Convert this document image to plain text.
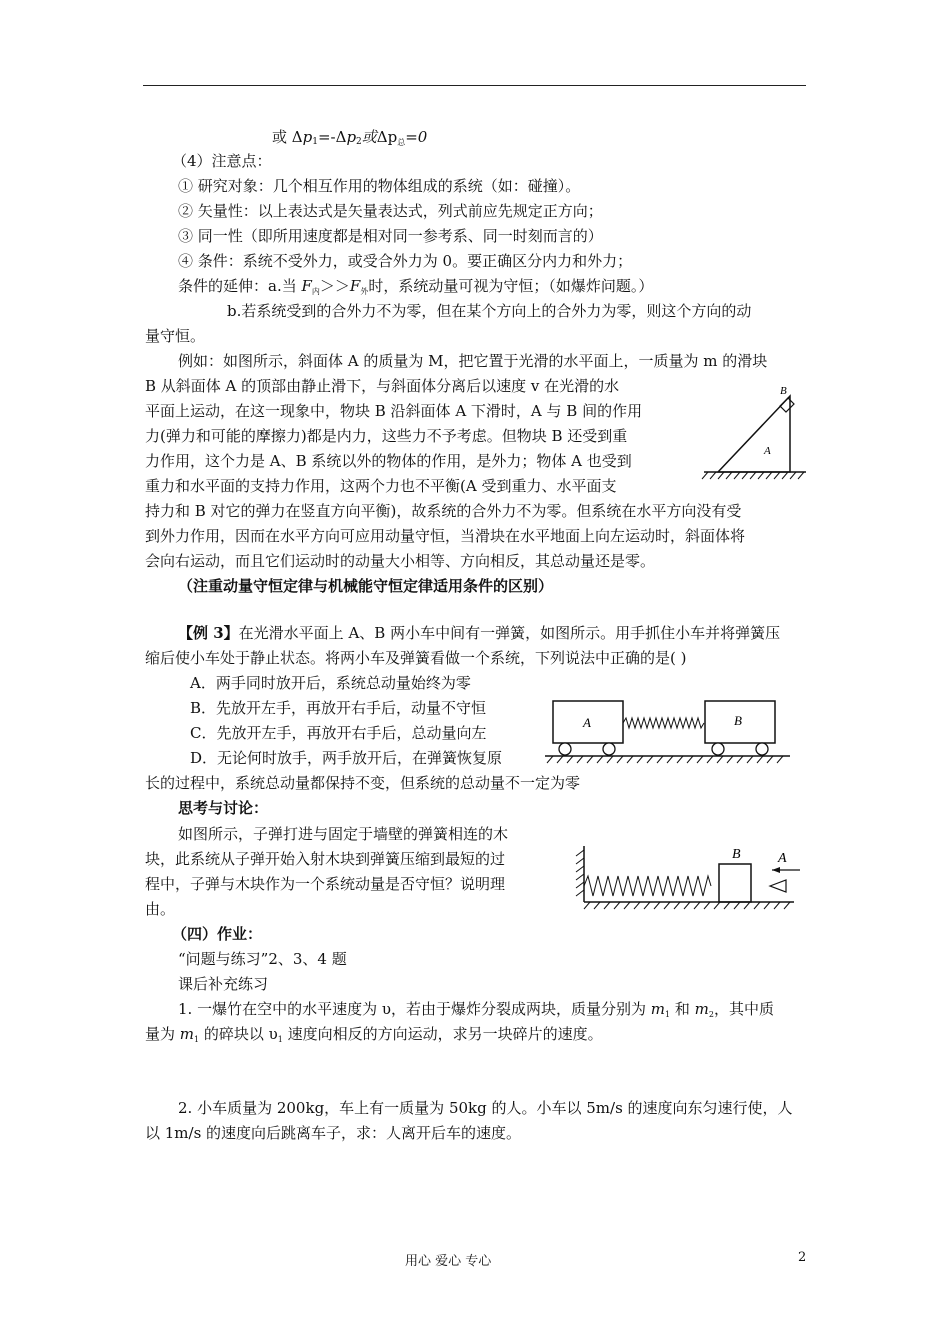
或 $\Delta p_1=-\Delta p_2$或$\Delta p_总=0$
（4）注意点：
① 研究对象：几个相互作用的物体组成的系统（如：碰撞）。
② 矢量性：以上表达式是矢量表达式，列式前应先规定正方向；
③ 同一性（即所用速度都是相对同一参考系、同一时刻而言的）
④ 条件：系统不受外力，或受合外力为 0。要正确区分内力和外力；
条件的延伸：a.当 $F_内>>F_外$时，系统动量可视为守恒；（如爆炸问题。）
b.若系统受到的合外力不为零，但在某个方向上的合外力为零，则这个方向的动
量守恒。
例如：如图所示，斜面体 A 的质量为 M，把它置于光滑的水平面上，一质量为 m 的滑块
B 从斜面体 A 的顶部由静止滑下，与斜面体分离后以速度 v 在光滑的水
平面上运动，在这一现象中，物块 B 沿斜面体 A 下滑时，A 与 B 间的作用
力(弹力和可能的摩擦力)都是内力，这些力不予考虑。但物块 B 还受到重
力作用，这个力是 A、B 系统以外的物体的作用，是外力；物体 A 也受到
重力和水平面的支持力作用，这两个力也不平衡(A 受到重力、水平面支
持力和 B 对它的弹力在竖直方向平衡)，故系统的合外力不为零。但系统在水平方向没有受
到外力作用，因而在水平方向可应用动量守恒，当滑块在水平地面上向左运动时，斜面体将
会向右运动，而且它们运动时的动量大小相等、方向相反，其总动量还是零。
B
A
（注重动量守恒定律与机械能守恒定律适用条件的区别）
【例 3】在光滑水平面上 A、B 两小车中间有一弹簧，如图所示。用手抓住小车并将弹簧压
缩后使小车处于静止状态。将两小车及弹簧看做一个系统，下列说法中正确的是( )
A．两手同时放开后，系统总动量始终为零
B．先放开左手，再放开右手后，动量不守恒
C．先放开左手，再放开右手后，总动量向左
D．无论何时放手，两手放开后，在弹簧恢复原
长的过程中，系统总动量都保持不变，但系统的总动量不一定为零
A	B
思考与讨论：
如图所示，子弹打进与固定于墙壁的弹簧相连的木
块，此系统从子弹开始入射木块到弹簧压缩到最短的过
程中，子弹与木块作为一个系统动量是否守恒？说明理
由。
B	A
（四）作业：
“问题与练习”2、3、4 题
课后补充练习
1. 一爆竹在空中的水平速度为 υ，若由于爆炸分裂成两块，质量分别为 $m_1$ 和 $m_2$，其中质
量为 $m_1$ 的碎块以 $\upsilon_1$ 速度向相反的方向运动，求另一块碎片的速度。
2. 小车质量为 200kg，车上有一质量为 50kg 的人。小车以 5m/s 的速度向东匀速行使，人
以 1m/s 的速度向后跳离车子，求：人离开后车的速度。
用心 爱心 专心	2
